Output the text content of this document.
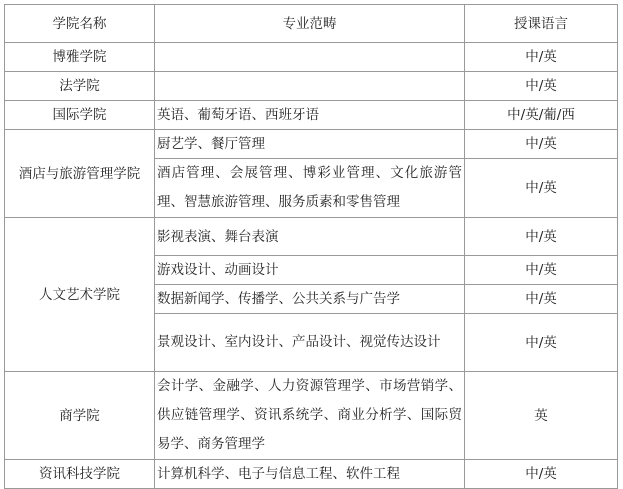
学院名称	专业范畴	授课语言
博雅学院		中/英
法学院		中/英
国际学院	英语、葡萄牙语、西班牙语	中/英/葡/西
酒店与旅游管理学院	厨艺学、餐厅管理	中/英
	酒店管理、会展管理、博彩业管理、文化旅游管理、智慧旅游管理、服务质素和零售管理	中/英
人文艺术学院	影视表演、舞台表演	中/英
	游戏设计、动画设计	中/英
	数据新闻学、传播学、公共关系与广告学	中/英
	景观设计、室内设计、产品设计、视觉传达设计	中/英
商学院	会计学、金融学、人力资源管理学、市场营销学、供应链管理学、资讯系统学、商业分析学、国际贸易学、商务管理学	英
资讯科技学院	计算机科学、电子与信息工程、软件工程	中/英
